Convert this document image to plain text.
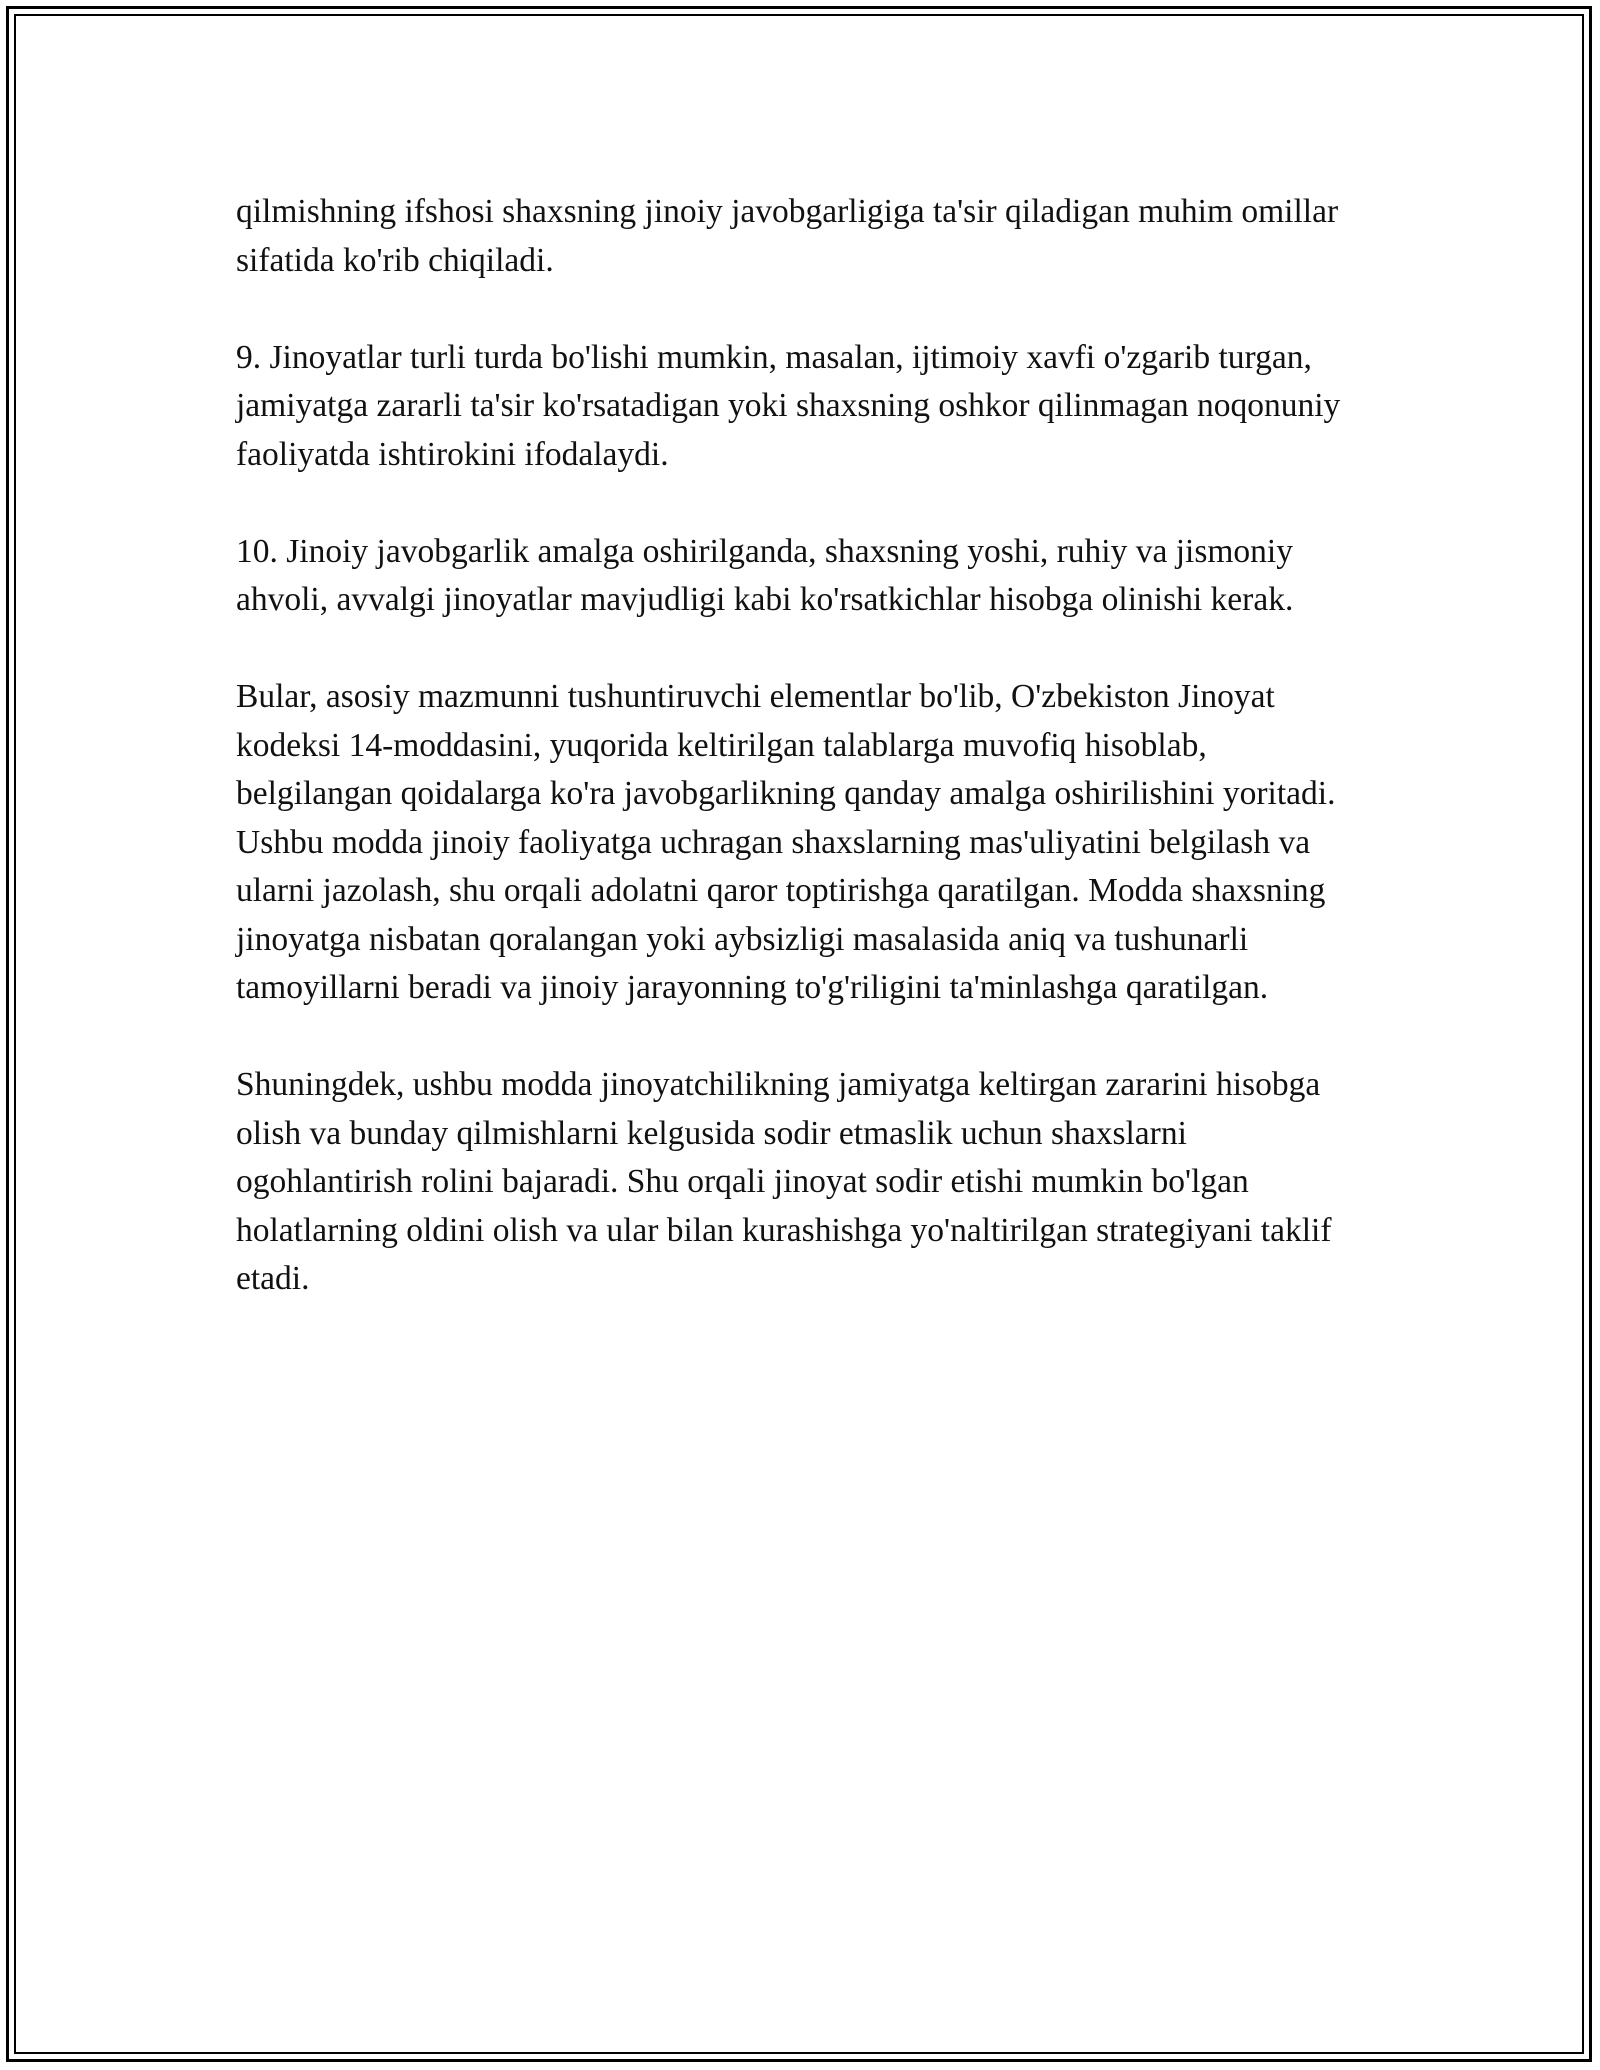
qilmishning ifshosi shaxsning jinoiy javobgarligiga ta'sir qiladigan muhim omillar sifatida ko'rib chiqiladi.

9. Jinoyatlar turli turda bo'lishi mumkin, masalan, ijtimoiy xavfi o'zgarib turgan, jamiyatga zararli ta'sir ko'rsatadigan yoki shaxsning oshkor qilinmagan noqonuniy faoliyatda ishtirokini ifodalaydi.

10. Jinoiy javobgarlik amalga oshirilganda, shaxsning yoshi, ruhiy va jismoniy ahvoli, avvalgi jinoyatlar mavjudligi kabi ko'rsatkichlar hisobga olinishi kerak.

Bular, asosiy mazmunni tushuntiruvchi elementlar bo'lib, O'zbekiston Jinoyat kodeksi 14-moddasini, yuqorida keltirilgan talablarga muvofiq hisoblab, belgilangan qoidalarga ko'ra javobgarlikning qanday amalga oshirilishini yoritadi. Ushbu modda jinoiy faoliyatga uchragan shaxslarning mas'uliyatini belgilash va ularni jazolash, shu orqali adolatni qaror toptirishga qaratilgan. Modda shaxsning jinoyatga nisbatan qoralangan yoki aybsizligi masalasida aniq va tushunarli tamoyillarni beradi va jinoiy jarayonning to'g'riligini ta'minlashga qaratilgan.

Shuningdek, ushbu modda jinoyatchilikning jamiyatga keltirgan zararini hisobga olish va bunday qilmishlarni kelgusida sodir etmaslik uchun shaxslarni ogohlantirish rolini bajaradi. Shu orqali jinoyat sodir etishi mumkin bo'lgan holatlarning oldini olish va ular bilan kurashishga yo'naltirilgan strategiyani taklif etadi.
